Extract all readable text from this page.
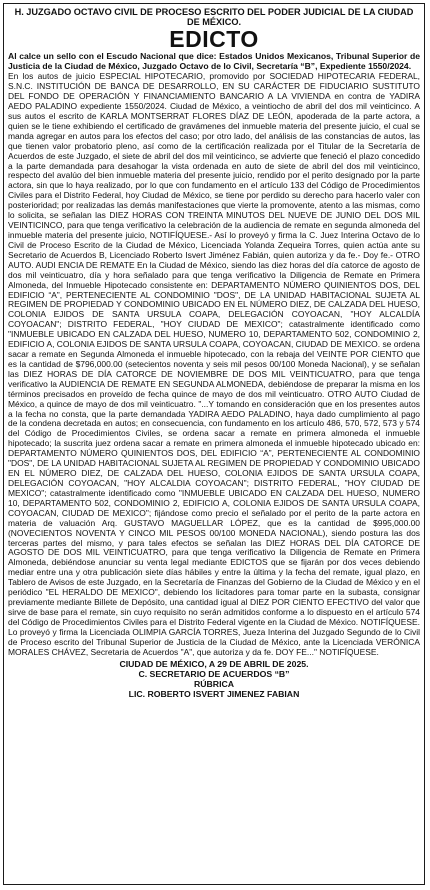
H. JUZGADO OCTAVO CIVIL DE PROCESO ESCRITO DEL PODER JUDICIAL DE LA CIUDAD DE MÉXICO.
EDICTO

Al calce un sello con el Escudo Nacional que dice: Estados Unidos Mexicanos, Tribunal Superior de Justicia de la Ciudad de México, Juzgado Octavo de lo Civil, Secretaría “B”, Expediente 1550/2024.

En los autos de juicio ESPECIAL HIPOTECARIO, promovido por SOCIEDAD HIPOTECARIA FEDERAL, S.N.C. INSTITUCIÓN DE BANCA DE DESARROLLO, EN SU CARÁCTER DE FIDUCIARIO SUSTITUTO DEL FONDO DE OPERACIÓN Y FINANCIAMIENTO BANCARIO A LA VIVIENDA en contra de YADIRA AEDO PALADINO expediente 1550/2024. Ciudad de México, a veintiocho de abril del dos mil veinticinco. A sus autos el escrito de KARLA MONTSERRAT FLORES DÍAZ DE LEÓN, apoderada de la parte actora, a quien se le tiene exhibiendo el certificado de gravámenes del inmueble materia del presente juicio, el cual se manda agregar en autos para los efectos del caso; por otro lado, del análisis de las constancias de autos, las que tienen valor probatorio pleno, así como de la certificación realizada por el Titular de la Secretaría de Acuerdos de este Juzgado, el siete de abril del dos mil veinticinco, se advierte que feneció el plazo concedido a la parte demandada para desahogar la vista ordenada en auto de siete de abril del dos mil veinticinco, respecto del avalúo del bien inmueble materia del presente juicio, rendido por el perito designado por la parte actora, sin que lo haya realizado, por lo que con fundamento en el artículo 133 del Código de Procedimientos Civiles para el Distrito Federal, hoy Ciudad de México, se tiene por perdido su derecho para hacerlo valer con posterioridad; por realizadas las demás manifestaciones que vierte la promovente, atento a las mismas, como lo solicita, se señalan las DIEZ HORAS CON TREINTA MINUTOS DEL NUEVE DE JUNIO DEL DOS MIL VEINTICINCO, para que tenga verificativo la celebración de la audiencia de remate en segunda almoneda del inmueble materia del presente juicio, NOTIFÍQUESE.- Así lo proveyó y firma la C. Juez Interina Octavo de lo Civil de Proceso Escrito de la Ciudad de México, Licenciada Yolanda Zequeira Torres, quien actúa ante su Secretario de Acuerdos B, Licenciado Roberto Isvert Jiménez Fabián, quien autoriza y da fe.- Doy fe.- OTRO AUTO. AUDI ENCIA DE REMATE En la Ciudad de México, siendo las diez horas del día catorce de agosto de dos mil veinticuatro, día y hora señalado para que tenga verificativo la Diligencia de Remate en Primera Almoneda, del Inmueble Hipotecado consistente en: DEPARTAMENTO NÚMERO QUINIENTOS DOS, DEL EDIFICIO “A”, PERTENECIENTE AL CONDOMINIO "DOS", DE LA UNIDAD HABITACIONAL SUJETA AL REGIMEN DE PROPIEDAD Y CONDOMINIO UBICADO EN EL NÚMERO DIEZ, DE CALZADA DEL HUESO, COLONIA EJIDOS DE SANTA URSULA COAPA, DELEGACIÓN COYOACAN, "HOY ALCALDÍA COYOACAN"; DISTRITO FEDERAL, "HOY CIUDAD DE MEXICO"; catastralmente identificado como "INMUEBLE UBICADO EN CALZADA DEL HUESO, NUMERO 10, DEPARTAMENTO 502, CONDOMINIO 2, EDIFICIO A, COLONIA EJIDOS DE SANTA URSULA COAPA, COYOACAN, CIUDAD DE MEXICO. se ordena sacar a remate en Segunda Almoneda el inmueble hipotecado, con la rebaja del VEINTE POR CIENTO que es la cantidad de $796,000.00 (setecientos noventa y seis mil pesos 00/100 Moneda Nacional), y se señalan las DIEZ HORAS DE DÍA CATORCE DE NOVIEMBRE DE DOS MIL VEINTICUATRO, para que tenga verificativo la AUDIENCIA DE REMATE EN SEGUNDA ALMONEDA, debiéndose de preparar la misma en los términos precisados en proveído de fecha quince de mayo de dos mil veinticuatro. OTRO AUTO Ciudad de México, a quince de mayo de dos mil veinticuatro. "...Y tomando en consideración que en los presentes autos a la fecha no consta, que la parte demandada YADIRA AEDO PALADINO, haya dado cumplimiento al pago de la condena decretada en autos; en consecuencia, con fundamento en los artículo 486, 570, 572, 573 y 574 del Código de Procedimientos Civiles, se ordena sacar a remate en primera almoneda el inmueble hipotecado; la suscrita juez ordena sacar a remate en primera almoneda el inmueble hipotecado ubicado en: DEPARTAMENTO NÚMERO QUINIENTOS DOS, DEL EDIFICIO “A”, PERTENECIENTE AL CONDOMINIO "DOS", DE LA UNIDAD HABITACIONAL SUJETA AL REGIMEN DE PROPIEDAD Y CONDOMINIO UBICADO EN EL NÚMERO DIEZ, DE CALZADA DEL HUESO, COLONIA EJIDOS DE SANTA URSULA COAPA, DELEGACIÓN COYOACAN, "HOY ALCALDIA COYOACAN"; DISTRITO FEDERAL, "HOY CIUDAD DE MEXICO"; catastralmente identificado como "INMUEBLE UBICADO EN CALZADA DEL HUESO, NUMERO 10, DEPARTAMENTO 502, CONDOMINIO 2, EDIFICIO A, COLONIA EJIDOS DE SANTA URSULA COAPA, COYOACAN, CIUDAD DE MEXICO"; fijándose como precio el señalado por el perito de la parte actora en materia de valuación Arq. GUSTAVO MAGUELLAR LÓPEZ, que es la cantidad de $995,000.00 (NOVECIENTOS NOVENTA Y CINCO MIL PESOS 00/100 MONEDA NACIONAL), siendo postura las dos terceras partes del mismo, y para tales efectos se señalan las DIEZ HORAS DEL DÍA CATORCE DE AGOSTO DE DOS MIL VEINTICUATRO, para que tenga verificativo la Diligencia de Remate en Primera Almoneda, debiéndose anunciar su venta legal mediante EDICTOS que se fijarán por dos veces debiendo mediar entre una y otra publicación siete días hábiles y entre la última y la fecha del remate, igual plazo, en Tablero de Avisos de este Juzgado, en la Secretaría de Finanzas del Gobierno de la Ciudad de México y en el periódico "EL HERALDO DE MEXICO", debiendo los licitadores para tomar parte en la subasta, consignar previamente mediante Billete de Depósito, una cantidad igual al DIEZ POR CIENTO EFECTIVO del valor que sirve de base para el remate, sin cuyo requisito no serán admitidos conforme a lo dispuesto en el artículo 574 del Código de Procedimientos Civiles para el Distrito Federal vigente en la Ciudad de México. NOTIFÍQUESE. Lo proveyó y firma la Licenciada OLIMPIA GARCÍA TORRES, Jueza Interina del Juzgado Segundo de lo Civil de Proceso escrito del Tribunal Superior de Justicia de la Ciudad de México, ante la Licenciada VERÓNICA MORALES CHÁVEZ, Secretaria de Acuerdos "A", que autoriza y da fe. DOY FE..." NOTIFÍQUESE.

CIUDAD DE MÉXICO, A 29 DE ABRIL DE 2025.
C. SECRETARIO DE ACUERDOS “B”
RÚBRICA
LIC. ROBERTO ISVERT JIMENEZ FABIAN
